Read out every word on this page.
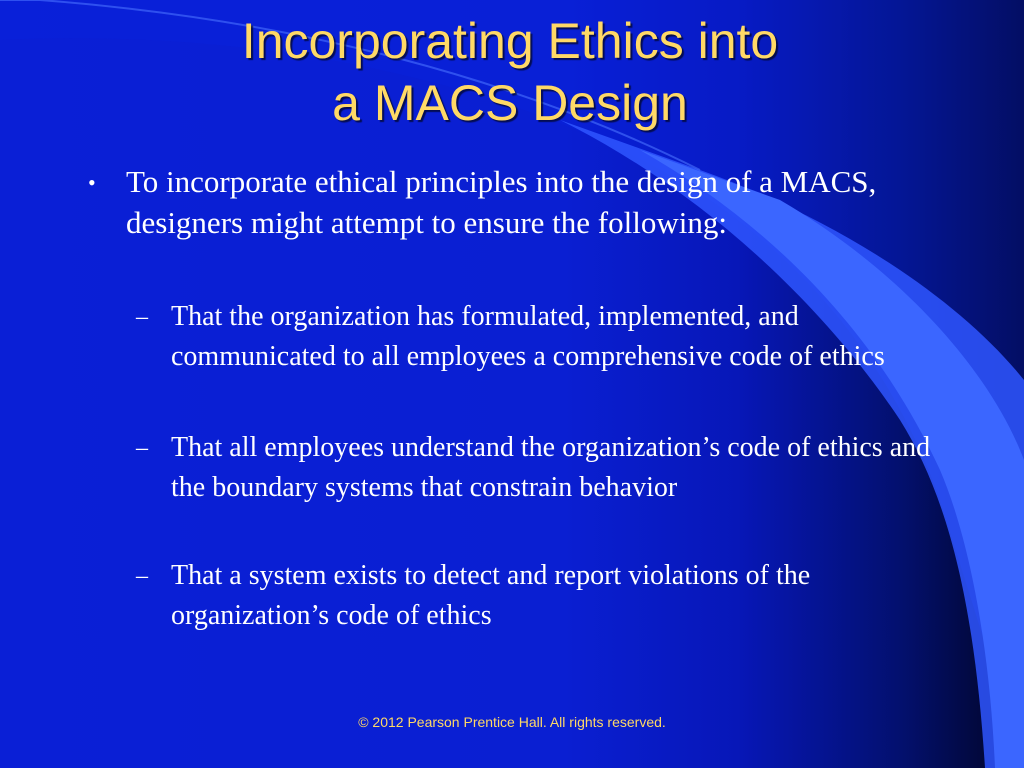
Incorporating Ethics into
a MACS Design
• To incorporate ethical principles into the design of a MACS, designers might attempt to ensure the following:
– That the organization has formulated, implemented, and communicated to all employees a comprehensive code of ethics
– That all employees understand the organization’s code of ethics and the boundary systems that constrain behavior
– That a system exists to detect and report violations of the organization’s code of ethics
© 2012 Pearson Prentice Hall. All rights reserved.
